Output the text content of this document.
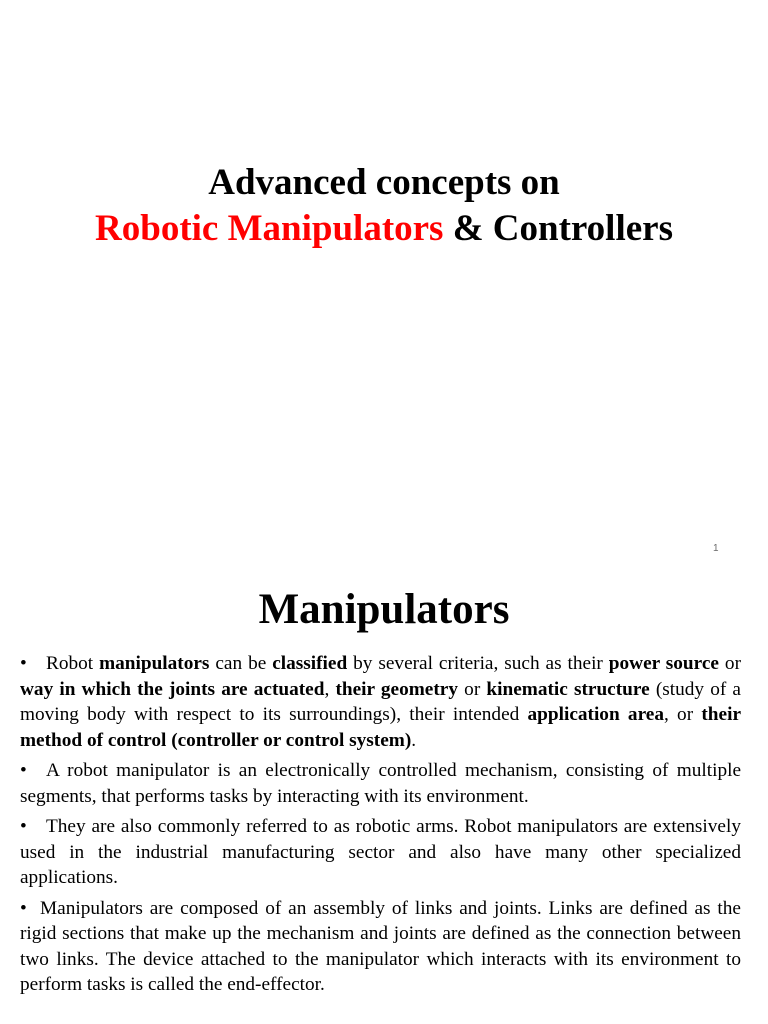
Advanced concepts on
Robotic Manipulators & Controllers
1
Manipulators

• Robot manipulators can be classified by several criteria, such as their power source or way in which the joints are actuated, their geometry or kinematic structure (study of a moving body with respect to its surroundings), their intended application area, or their method of control (controller or control system).

• A robot manipulator is an electronically controlled mechanism, consisting of multiple segments, that performs tasks by interacting with its environment.

• They are also commonly referred to as robotic arms. Robot manipulators are extensively used in the industrial manufacturing sector and also have many other specialized applications.

• Manipulators are composed of an assembly of links and joints. Links are defined as the rigid sections that make up the mechanism and joints are defined as the connection between two links. The device attached to the manipulator which interacts with its environment to perform tasks is called the end-effector.
